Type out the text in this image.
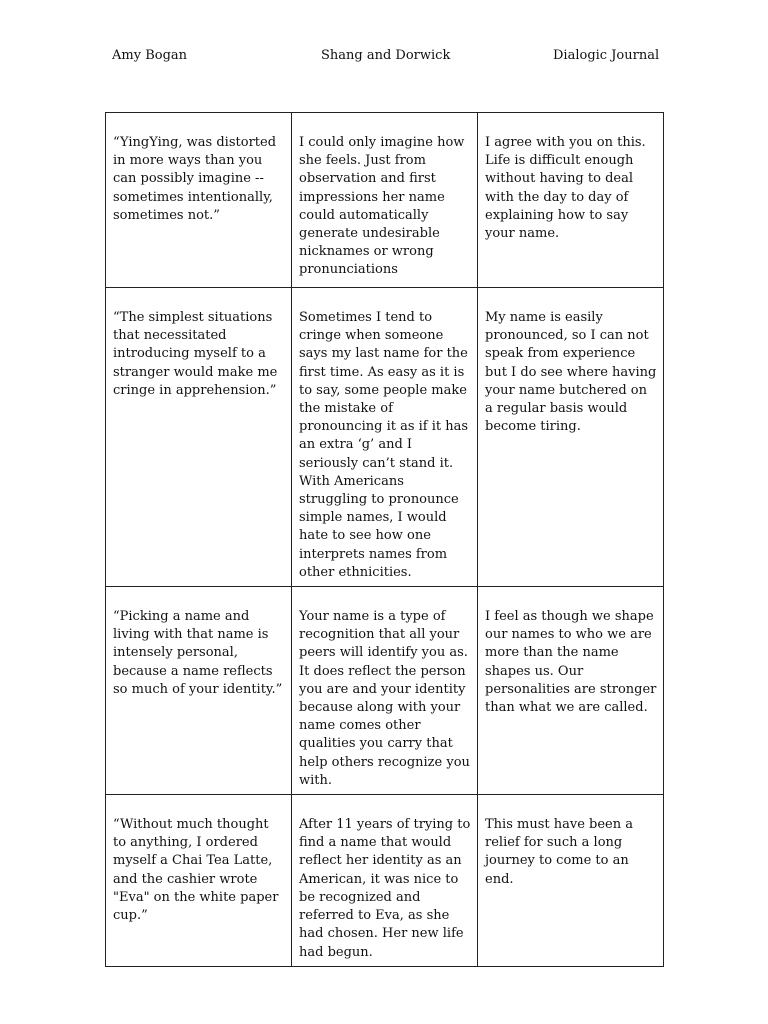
Amy Bogan	Shang and Dorwick	Dialogic Journal
“YingYing, was distorted in more ways than you can possibly imagine -- sometimes intentionally, sometimes not.”	I could only imagine how she feels. Just from observation and first impressions her name could automatically generate undesirable nicknames or wrong pronunciations	I agree with you on this. Life is difficult enough without having to deal with the day to day of explaining how to say your name.
“The simplest situations that necessitated introducing myself to a stranger would make me cringe in apprehension.”	Sometimes I tend to cringe when someone says my last name for the first time. As easy as it is to say, some people make the mistake of pronouncing it as if it has an extra ‘g’ and I seriously can’t stand it. With Americans struggling to pronounce simple names, I would hate to see how one interprets names from other ethnicities.	My name is easily pronounced, so I can not speak from experience but I do see where having your name butchered on a regular basis would become tiring.
“Picking a name and living with that name is intensely personal, because a name reflects so much of your identity.”	Your name is a type of recognition that all your peers will identify you as. It does reflect the person you are and your identity because along with your name comes other qualities you carry that help others recognize you with.	I feel as though we shape our names to who we are more than the name shapes us. Our personalities are stronger than what we are called.
“Without much thought to anything, I ordered myself a Chai Tea Latte, and the cashier wrote "Eva" on the white paper cup.”	After 11 years of trying to find a name that would reflect her identity as an American, it was nice to be recognized and referred to Eva, as she had chosen. Her new life had begun.	This must have been a relief for such a long journey to come to an end.
